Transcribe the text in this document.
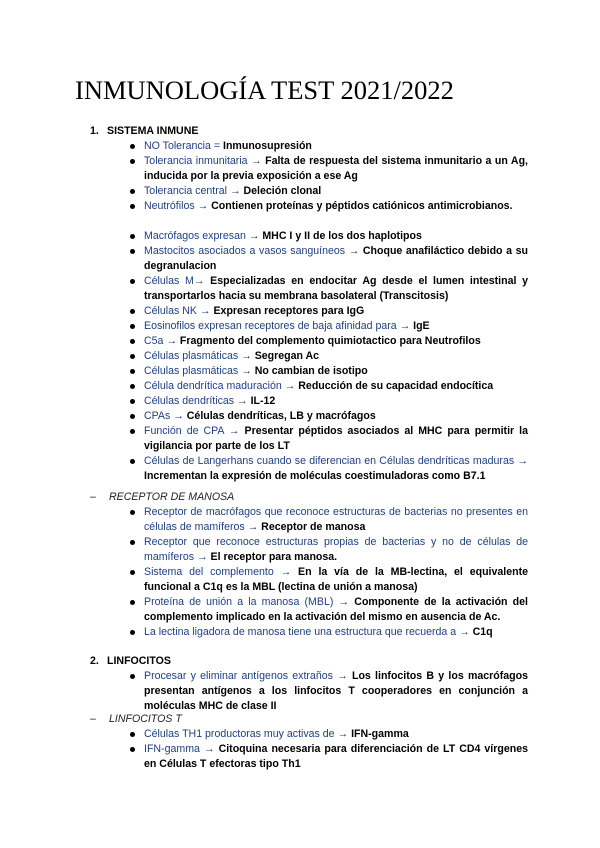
INMUNOLOGÍA TEST 2021/2022
1. SISTEMA INMUNE

NO Tolerancia = Inmunosupresión

Tolerancia inmunitaria → Falta de respuesta del sistema inmunitario a un Ag, inducida por la previa exposición a ese Ag

Tolerancia central → Deleción clonal

Neutrófilos → Contienen proteínas y péptidos catiónicos antimicrobianos.

Macrófagos expresan → MHC I y II de los dos haplotipos

Mastocitos asociados a vasos sanguíneos → Choque anafiláctico debido a su degranulacion

Células M→ Especializadas en endocitar Ag desde el lumen intestinal y transportarlos hacia su membrana basolateral (Transcitosis)

Células NK → Expresan receptores para IgG

Eosinofilos expresan receptores de baja afinidad para → IgE

C5a → Fragmento del complemento quimiotactico para Neutrofilos

Células plasmáticas → Segregan Ac

Células plasmáticas → No cambian de isotipo

Célula dendrítica maduración → Reducción de su capacidad endocítica

Células dendríticas → IL-12

CPAs → Células dendríticas, LB y macrófagos

Función de CPA → Presentar péptidos asociados al MHC para permitir la vigilancia por parte de los LT

Células de Langerhans cuando se diferencian en Células dendríticas maduras → Incrementan la expresión de moléculas coestimuladoras como B7.1

– RECEPTOR DE MANOSA

Receptor de macrófagos que reconoce estructuras de bacterias no presentes en células de mamíferos → Receptor de manosa

Receptor que reconoce estructuras propias de bacterias y no de células de mamíferos → El receptor para manosa.

Sistema del complemento → En la vía de la MB-lectina, el equivalente funcional a C1q es la MBL (lectina de unión a manosa)

Proteína de unión a la manosa (MBL) → Componente de la activación del complemento implicado en la activación del mismo en ausencia de Ac.

La lectina ligadora de manosa tiene una estructura que recuerda a → C1q

2. LINFOCITOS

Procesar y eliminar antígenos extraños → Los linfocitos B y los macrófagos presentan antígenos a los linfocitos T cooperadores en conjunción a moléculas MHC de clase II

– LINFOCITOS T

Células TH1 productoras muy activas de → IFN-gamma

IFN-gamma → Citoquina necesaria para diferenciación de LT CD4 vírgenes en Células T efectoras tipo Th1
